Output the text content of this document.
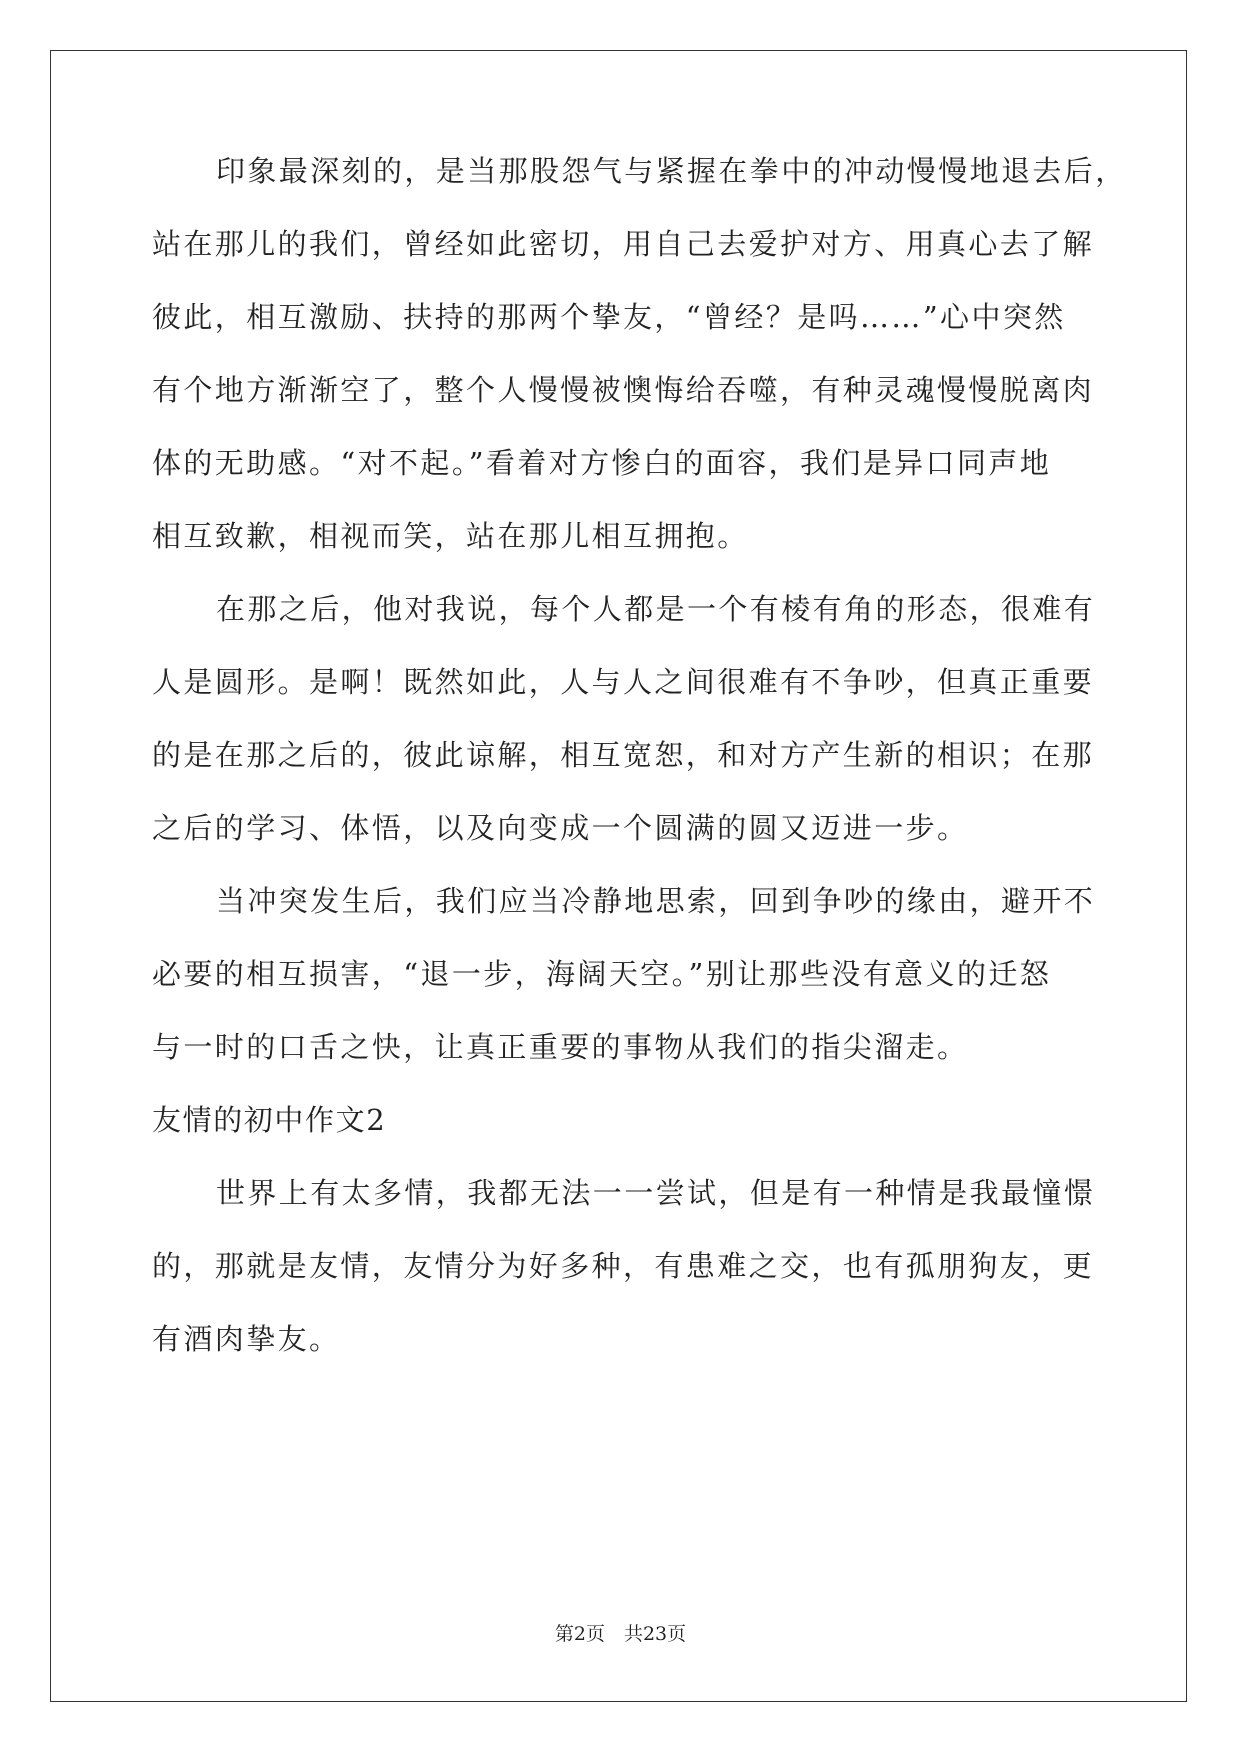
印象最深刻的，是当那股怨气与紧握在拳中的冲动慢慢地退去后，
站在那儿的我们，曾经如此密切，用自己去爱护对方、用真心去了解
彼此，相互激励、扶持的那两个挚友，“曾经？是吗……”心中突然
有个地方渐渐空了，整个人慢慢被懊悔给吞噬，有种灵魂慢慢脱离肉
体的无助感。“对不起。”看着对方惨白的面容，我们是异口同声地
相互致歉，相视而笑，站在那儿相互拥抱。
在那之后，他对我说，每个人都是一个有棱有角的形态，很难有
人是圆形。是啊！既然如此，人与人之间很难有不争吵，但真正重要
的是在那之后的，彼此谅解，相互宽恕，和对方产生新的相识；在那
之后的学习、体悟，以及向变成一个圆满的圆又迈进一步。
当冲突发生后，我们应当冷静地思索，回到争吵的缘由，避开不
必要的相互损害，“退一步，海阔天空。”别让那些没有意义的迁怒
与一时的口舌之快，让真正重要的事物从我们的指尖溜走。
友情的初中作文2
世界上有太多情，我都无法一一尝试，但是有一种情是我最憧憬
的，那就是友情，友情分为好多种，有患难之交，也有孤朋狗友，更
有酒肉挚友。
第2页　共23页
